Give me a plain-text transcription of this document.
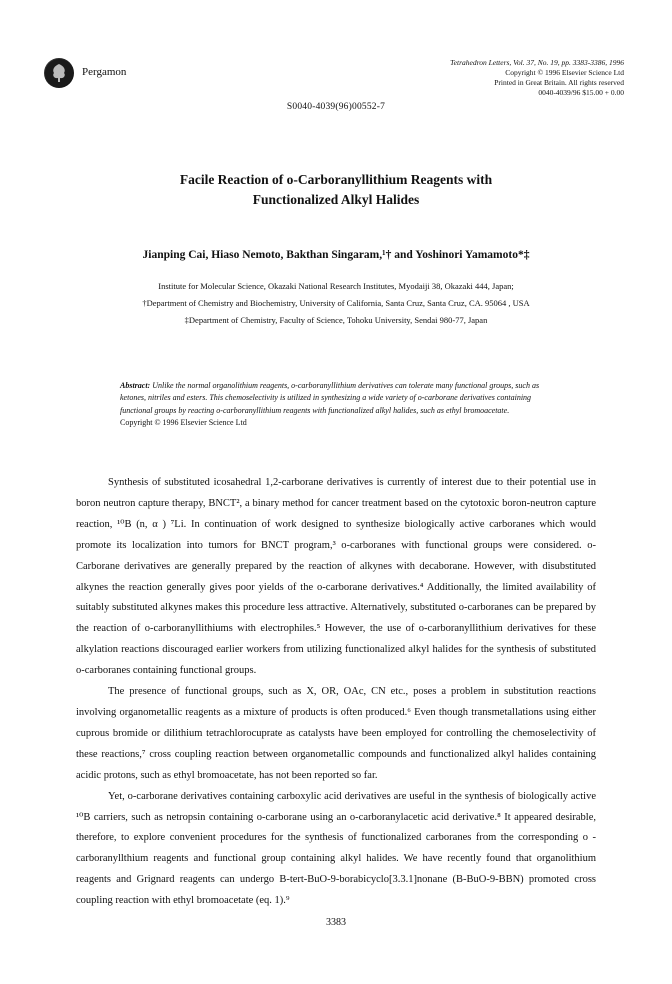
Pergamon
Tetrahedron Letters, Vol. 37, No. 19, pp. 3383-3386, 1996
Copyright © 1996 Elsevier Science Ltd
Printed in Great Britain. All rights reserved
0040-4039/96 $15.00 + 0.00
S0040-4039(96)00552-7
Facile Reaction of o-Carboranyllithium Reagents with
Functionalized Alkyl Halides
Jianping Cai, Hiaso Nemoto, Bakthan Singaram,¹† and Yoshinori Yamamoto*‡
Institute for Molecular Science, Okazaki National Research Institutes, Myodaiji 38, Okazaki 444, Japan;
†Department of Chemistry and Biochemistry, University of California, Santa Cruz, Santa Cruz, CA. 95064 , USA
‡Department of Chemistry, Faculty of Science, Tohoku University, Sendai 980-77, Japan
Abstract: Unlike the normal organolithium reagents, o-carboranyllithium derivatives can tolerate many functional groups, such as ketones, nitriles and esters. This chemoselectivity is utilized in synthesizing a wide variety of o-carborane derivatives containing functional groups by reacting o-carboranyllithium reagents with functionalized alkyl halides, such as ethyl bromoacetate.
Copyright © 1996 Elsevier Science Ltd

Synthesis of substituted icosahedral 1,2-carborane derivatives is currently of interest due to their potential use in boron neutron capture therapy, BNCT², a binary method for cancer treatment based on the cytotoxic boron-neutron capture reaction, ¹⁰B (n, α ) ⁷Li. In continuation of work designed to synthesize biologically active carboranes which would promote its localization into tumors for BNCT program,³ o-carboranes with functional groups were considered. o-Carborane derivatives are generally prepared by the reaction of alkynes with decaborane. However, with disubstituted alkynes the reaction generally gives poor yields of the o-carborane derivatives.⁴ Additionally, the limited availability of suitably substituted alkynes makes this procedure less attractive. Alternatively, substituted o-carboranes can be prepared by the reaction of o-carboranyllithiums with electrophiles.⁵ However, the use of o-carboranyllithium derivatives for these alkylation reactions discouraged earlier workers from utilizing functionalized alkyl halides for the synthesis of substituted o-carboranes containing functional groups.

The presence of functional groups, such as X, OR, OAc, CN etc., poses a problem in substitution reactions involving organometallic reagents as a mixture of products is often produced.⁶ Even though transmetallations using either cuprous bromide or dilithium tetrachlorocuprate as catalysts have been employed for controlling the chemoselectivity of these reactions,⁷ cross coupling reaction between organometallic compounds and functionalized alkyl halides containing acidic protons, such as ethyl bromoacetate, has not been reported so far.

Yet, o-carborane derivatives containing carboxylic acid derivatives are useful in the synthesis of biologically active ¹⁰B carriers, such as netropsin containing o-carborane using an o-carboranylacetic acid derivative.⁸ It appeared desirable, therefore, to explore convenient procedures for the synthesis of functionalized carboranes from the corresponding o - carboranyllthium reagents and functional group containing alkyl halides. We have recently found that organolithium reagents and Grignard reagents can undergo B-tert-BuO-9-borabicyclo[3.3.1]nonane (B-BuO-9-BBN) promoted cross coupling reaction with ethyl bromoacetate (eq. 1).⁹

3383
